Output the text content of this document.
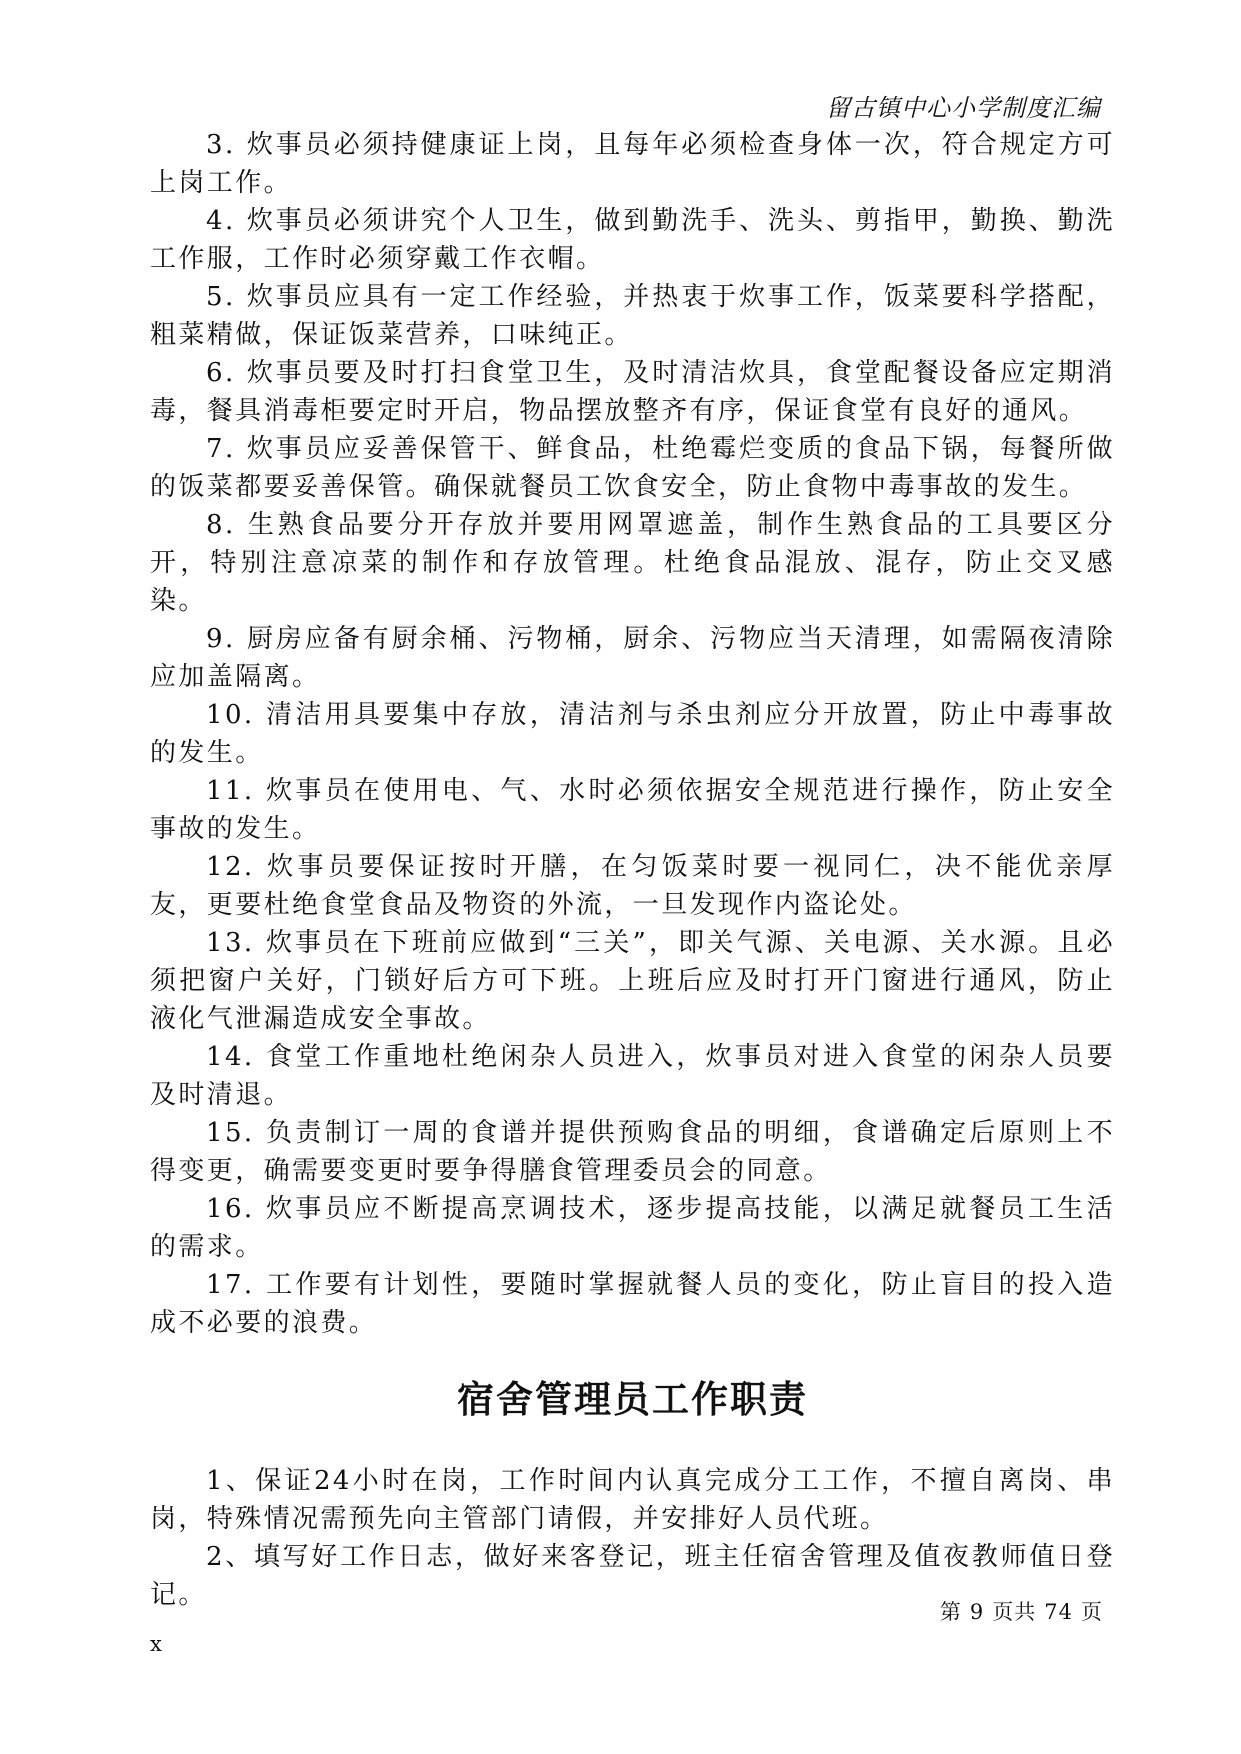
留古镇中心小学制度汇编

3. 炊事员必须持健康证上岗，且每年必须检查身体一次，符合规定方可上岗工作。

4. 炊事员必须讲究个人卫生，做到勤洗手、洗头、剪指甲，勤换、勤洗工作服，工作时必须穿戴工作衣帽。

5. 炊事员应具有一定工作经验，并热衷于炊事工作，饭菜要科学搭配，粗菜精做，保证饭菜营养，口味纯正。

6. 炊事员要及时打扫食堂卫生，及时清洁炊具，食堂配餐设备应定期消毒，餐具消毒柜要定时开启，物品摆放整齐有序，保证食堂有良好的通风。

7. 炊事员应妥善保管干、鲜食品，杜绝霉烂变质的食品下锅，每餐所做的饭菜都要妥善保管。确保就餐员工饮食安全，防止食物中毒事故的发生。

8. 生熟食品要分开存放并要用网罩遮盖，制作生熟食品的工具要区分开，特别注意凉菜的制作和存放管理。杜绝食品混放、混存，防止交叉感染。

9. 厨房应备有厨余桶、污物桶，厨余、污物应当天清理，如需隔夜清除应加盖隔离。

10. 清洁用具要集中存放，清洁剂与杀虫剂应分开放置，防止中毒事故的发生。

11. 炊事员在使用电、气、水时必须依据安全规范进行操作，防止安全事故的发生。

12. 炊事员要保证按时开膳，在匀饭菜时要一视同仁，决不能优亲厚友，更要杜绝食堂食品及物资的外流，一旦发现作内盗论处。

13. 炊事员在下班前应做到“三关”，即关气源、关电源、关水源。且必须把窗户关好，门锁好后方可下班。上班后应及时打开门窗进行通风，防止液化气泄漏造成安全事故。

14. 食堂工作重地杜绝闲杂人员进入，炊事员对进入食堂的闲杂人员要及时清退。

15. 负责制订一周的食谱并提供预购食品的明细，食谱确定后原则上不得变更，确需要变更时要争得膳食管理委员会的同意。

16. 炊事员应不断提高烹调技术，逐步提高技能，以满足就餐员工生活的需求。

17. 工作要有计划性，要随时掌握就餐人员的变化，防止盲目的投入造成不必要的浪费。

宿舍管理员工作职责

1、保证24小时在岗，工作时间内认真完成分工工作，不擅自离岗、串岗，特殊情况需预先向主管部门请假，并安排好人员代班。

2、填写好工作日志，做好来客登记，班主任宿舍管理及值夜教师值日登记。

第 9 页共 74 页
x
